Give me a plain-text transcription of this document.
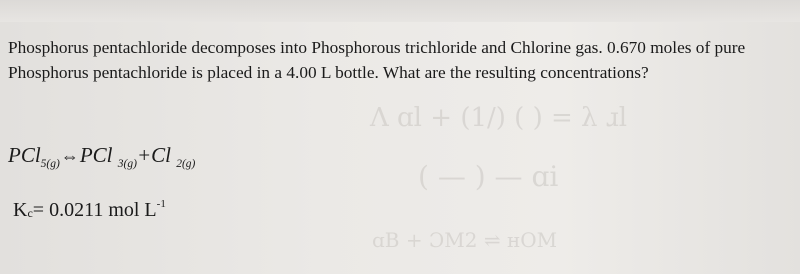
Λ ɑl + (1/) ( ) = λ ɹl
( — ) — ɑi
ɑB + ƆM2 ⇌ ʜOM
Phosphorus pentachloride decomposes into Phosphorous trichloride and Chlorine gas. 0.670 moles of pure Phosphorus pentachloride is placed in a 4.00 L bottle. What are the resulting concentrations?
PCl$_{5(g)}$⇔PCl $_{3(g)}$+Cl $_{2(g)}$
Kc= 0.0211 mol $L^{-1}$
